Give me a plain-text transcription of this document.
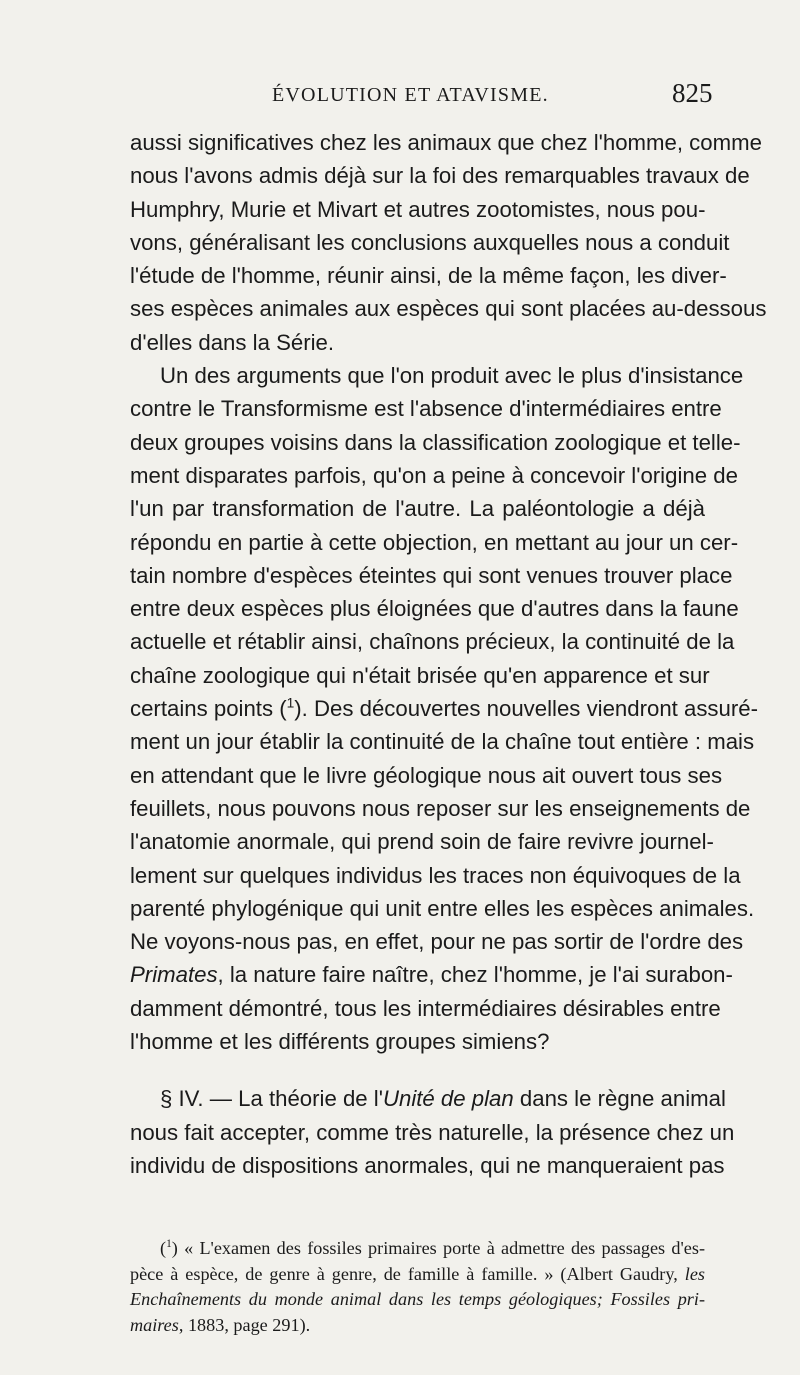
ÉVOLUTION ET ATAVISME.	825
aussi significatives chez les animaux que chez l'homme, comme
nous l'avons admis déjà sur la foi des remarquables travaux de
Humphry, Murie et Mivart et autres zootomistes, nous pou-
vons, généralisant les conclusions auxquelles nous a conduit
l'étude de l'homme, réunir ainsi, de la même façon, les diver-
ses espèces animales aux espèces qui sont placées au-dessous
d'elles dans la Série.
Un des arguments que l'on produit avec le plus d'insistance
contre le Transformisme est l'absence d'intermédiaires entre
deux groupes voisins dans la classification zoologique et telle-
ment disparates parfois, qu'on a peine à concevoir l'origine de
l'un par transformation de l'autre. La paléontologie a déjà
répondu en partie à cette objection, en mettant au jour un cer-
tain nombre d'espèces éteintes qui sont venues trouver place
entre deux espèces plus éloignées que d'autres dans la faune
actuelle et rétablir ainsi, chaînons précieux, la continuité de la
chaîne zoologique qui n'était brisée qu'en apparence et sur
certains points ($^1$). Des découvertes nouvelles viendront assuré-
ment un jour établir la continuité de la chaîne tout entière : mais
en attendant que le livre géologique nous ait ouvert tous ses
feuillets, nous pouvons nous reposer sur les enseignements de
l'anatomie anormale, qui prend soin de faire revivre journel-
lement sur quelques individus les traces non équivoques de la
parenté phylogénique qui unit entre elles les espèces animales.
Ne voyons-nous pas, en effet, pour ne pas sortir de l'ordre des
Primates, la nature faire naître, chez l'homme, je l'ai surabon-
damment démontré, tous les intermédiaires désirables entre
l'homme et les différents groupes simiens?
§ IV. — La théorie de l'Unité de plan dans le règne animal
nous fait accepter, comme très naturelle, la présence chez un
individu de dispositions anormales, qui ne manqueraient pas
($^1$) « L'examen des fossiles primaires porte à admettre des passages d'es-
pèce à espèce, de genre à genre, de famille à famille. » (Albert Gaudry, les
Enchaînements du monde animal dans les temps géologiques; Fossiles pri-
maires, 1883, page 291).
